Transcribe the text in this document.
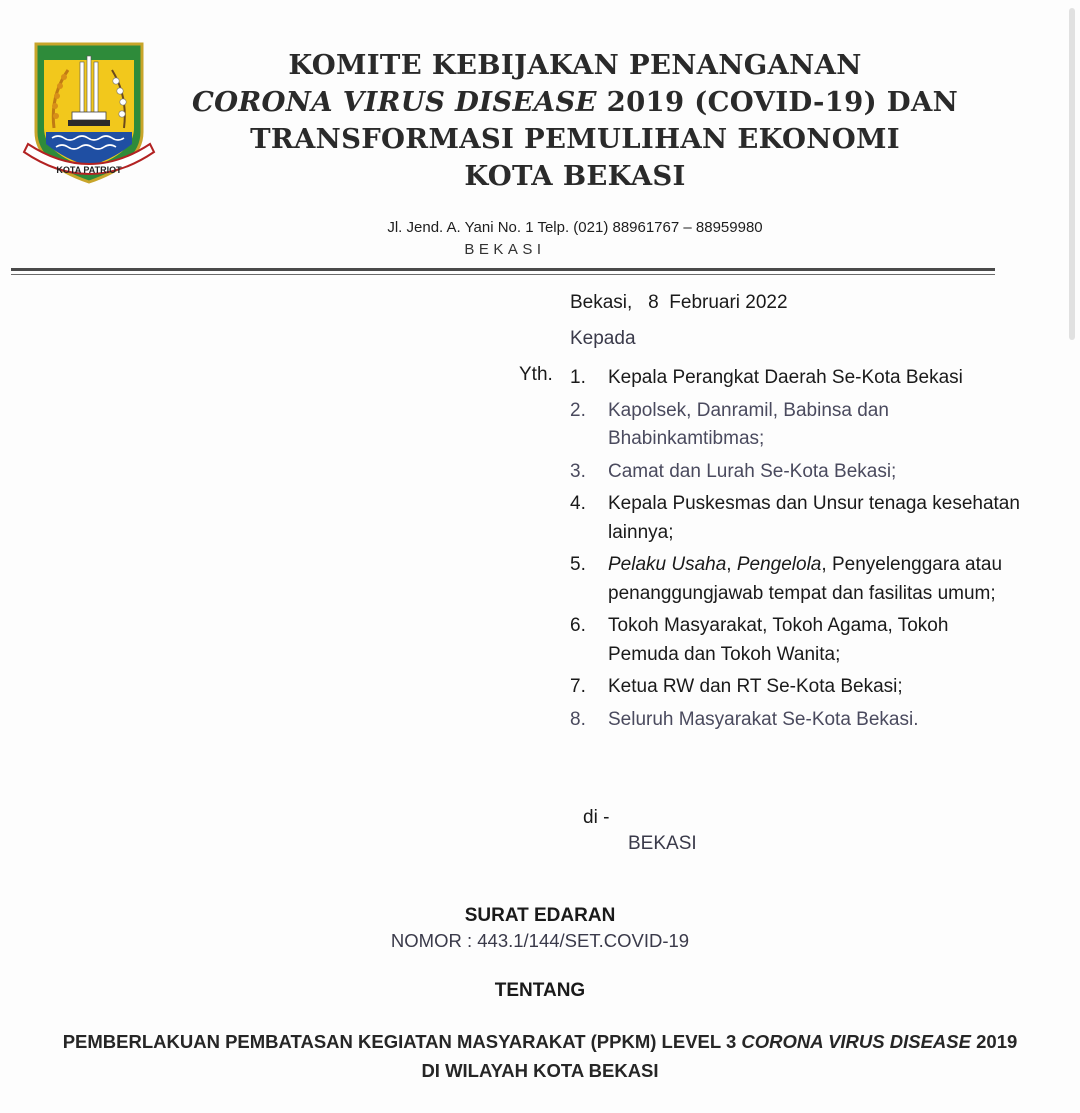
KOTA PATRIOT
KOMITE KEBIJAKAN PENANGANAN
CORONA VIRUS DISEASE 2019 (COVID-19) DAN
TRANSFORMASI PEMULIHAN EKONOMI
KOTA BEKASI
Jl. Jend. A. Yani No. 1 Telp. (021) 88961767 – 88959980
BEKASI
Bekasi,   8  Februari 2022
Kepada
Yth. 1. Kepala Perangkat Daerah Se-Kota Bekasi
2. Kapolsek, Danramil, Babinsa dan Bhabinkamtibmas;
3. Camat dan Lurah Se-Kota Bekasi;
4. Kepala Puskesmas dan Unsur tenaga kesehatan lainnya;
5. Pelaku Usaha, Pengelola, Penyelenggara atau penanggungjawab tempat dan fasilitas umum;
6. Tokoh Masyarakat, Tokoh Agama, Tokoh Pemuda dan Tokoh Wanita;
7. Ketua RW dan RT Se-Kota Bekasi;
8. Seluruh Masyarakat Se-Kota Bekasi.
di -
BEKASI
SURAT EDARAN
NOMOR : 443.1/144/SET.COVID-19
TENTANG
PEMBERLAKUAN PEMBATASAN KEGIATAN MASYARAKAT (PPKM) LEVEL 3 CORONA VIRUS DISEASE 2019 DI WILAYAH KOTA BEKASI
